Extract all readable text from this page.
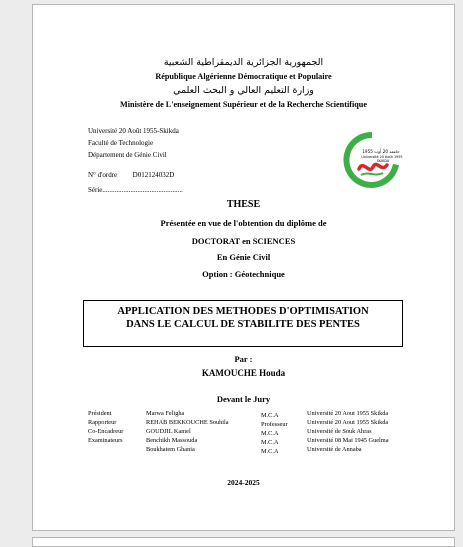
الجمهورية الجزائرية الديمقراطية الشعبية
République Algérienne Démocratique et Populaire
وزارة التعليم العالي و البحث العلمي
Ministère de L'enseignement Supérieur et de la Recherche Scientifique
Université 20 Août 1955-Skikda
Faculté de Technologie
Département de Génie Civil
N° d'ordre D012124032D
Série..............................................
جامعة 20 أوت 1955
Université 20 Août 1955
SKIKDA
THESE
Présentée en vue de l'obtention du diplôme de
DOCTORAT en SCIENCES
En Génie Civil
Option : Géotechnique
APPLICATION DES METHODES D'OPTIMISATION
DANS LE CALCUL DE STABILITE DES PENTES
Par :
KAMOUCHE Houda
Devant le Jury
Président	Marwa Feligha	M.C.A	Université 20 Aout 1955 Skikda
Rapporteur	REHAB BEKKOUCHE Souhila	Professeur	Université 20 Aout 1955 Skikda
Co-Encadreur	GOUDJIL Kamel	M.C.A	Université de Souk Ahras
Examinateurs	Benchikh Massouda	M.C.A	Université 08 Mai 1945 Guelma
Boukhatem Ghania	M.C.A	Université de Annaba
2024-2025
